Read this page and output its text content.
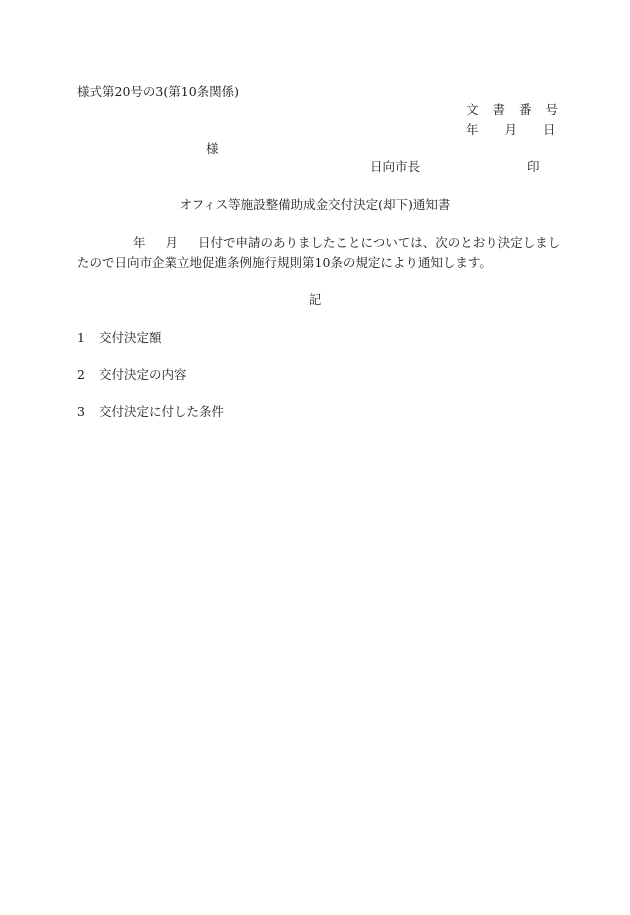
様式第20号の3(第10条関係)
文 書 番 号
年 月 日
様
日向市長	印
オフィス等施設整備助成金交付決定(却下)通知書
年 月 日付で申請のありましたことについては、次のとおり決定しまし
たので日向市企業立地促進条例施行規則第10条の規定により通知します。
記
1 交付決定額
2 交付決定の内容
3 交付決定に付した条件
